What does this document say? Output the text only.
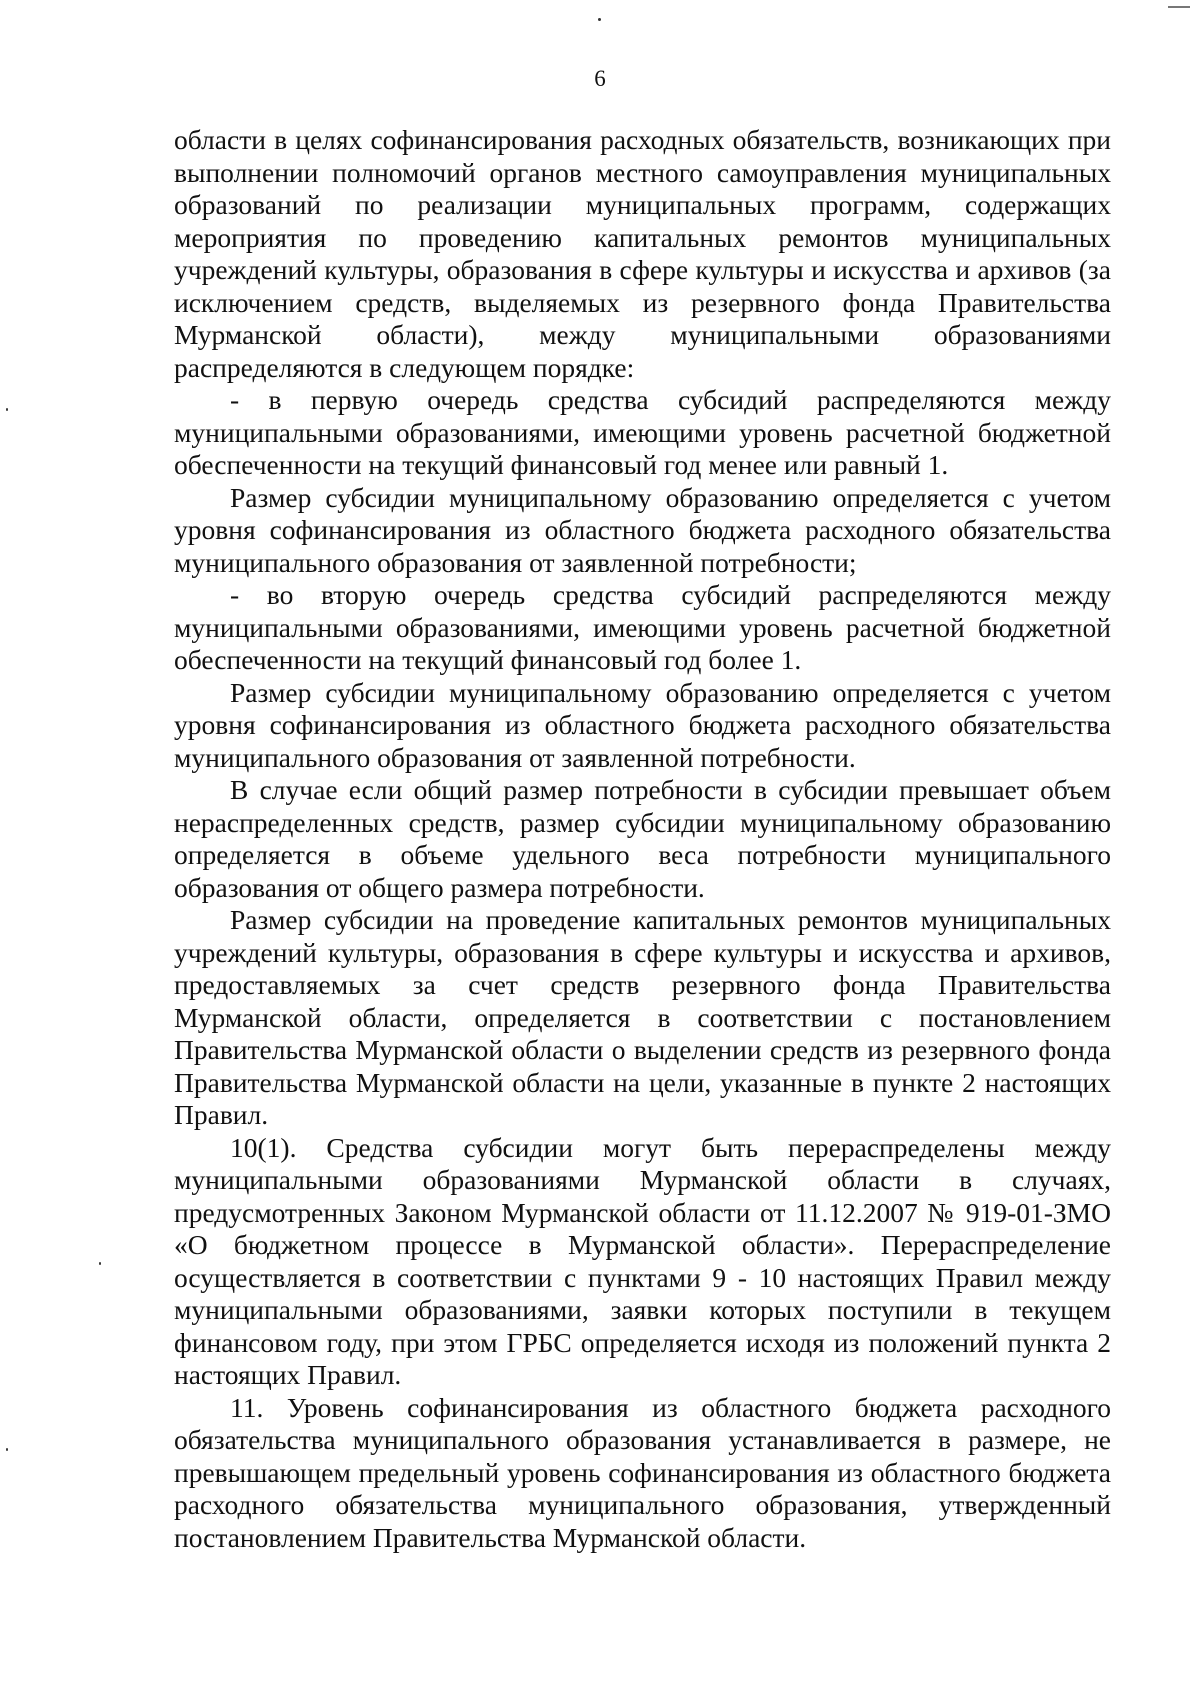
6

области в целях софинансирования расходных обязательств, возникающих при выполнении полномочий органов местного самоуправления муниципальных образований по реализации муниципальных программ, содержащих мероприятия по проведению капитальных ремонтов муниципальных учреждений культуры, образования в сфере культуры и искусства и архивов (за исключением средств, выделяемых из резервного фонда Правительства Мурманской области), между муниципальными образованиями распределяются в следующем порядке:

- в первую очередь средства субсидий распределяются между муниципальными образованиями, имеющими уровень расчетной бюджетной обеспеченности на текущий финансовый год менее или равный 1.

Размер субсидии муниципальному образованию определяется с учетом уровня софинансирования из областного бюджета расходного обязательства муниципального образования от заявленной потребности;

- во вторую очередь средства субсидий распределяются между муниципальными образованиями, имеющими уровень расчетной бюджетной обеспеченности на текущий финансовый год более 1.

Размер субсидии муниципальному образованию определяется с учетом уровня софинансирования из областного бюджета расходного обязательства муниципального образования от заявленной потребности.

В случае если общий размер потребности в субсидии превышает объем нераспределенных средств, размер субсидии муниципальному образованию определяется в объеме удельного веса потребности муниципального образования от общего размера потребности.

Размер субсидии на проведение капитальных ремонтов муниципальных учреждений культуры, образования в сфере культуры и искусства и архивов, предоставляемых за счет средств резервного фонда Правительства Мурманской области, определяется в соответствии с постановлением Правительства Мурманской области о выделении средств из резервного фонда Правительства Мурманской области на цели, указанные в пункте 2 настоящих Правил.

10(1). Средства субсидии могут быть перераспределены между муниципальными образованиями Мурманской области в случаях, предусмотренных Законом Мурманской области от 11.12.2007 № 919-01-ЗМО «О бюджетном процессе в Мурманской области». Перераспределение осуществляется в соответствии с пунктами 9 - 10 настоящих Правил между муниципальными образованиями, заявки которых поступили в текущем финансовом году, при этом ГРБС определяется исходя из положений пункта 2 настоящих Правил.

11. Уровень софинансирования из областного бюджета расходного обязательства муниципального образования устанавливается в размере, не превышающем предельный уровень софинансирования из областного бюджета расходного обязательства муниципального образования, утвержденный постановлением Правительства Мурманской области.
